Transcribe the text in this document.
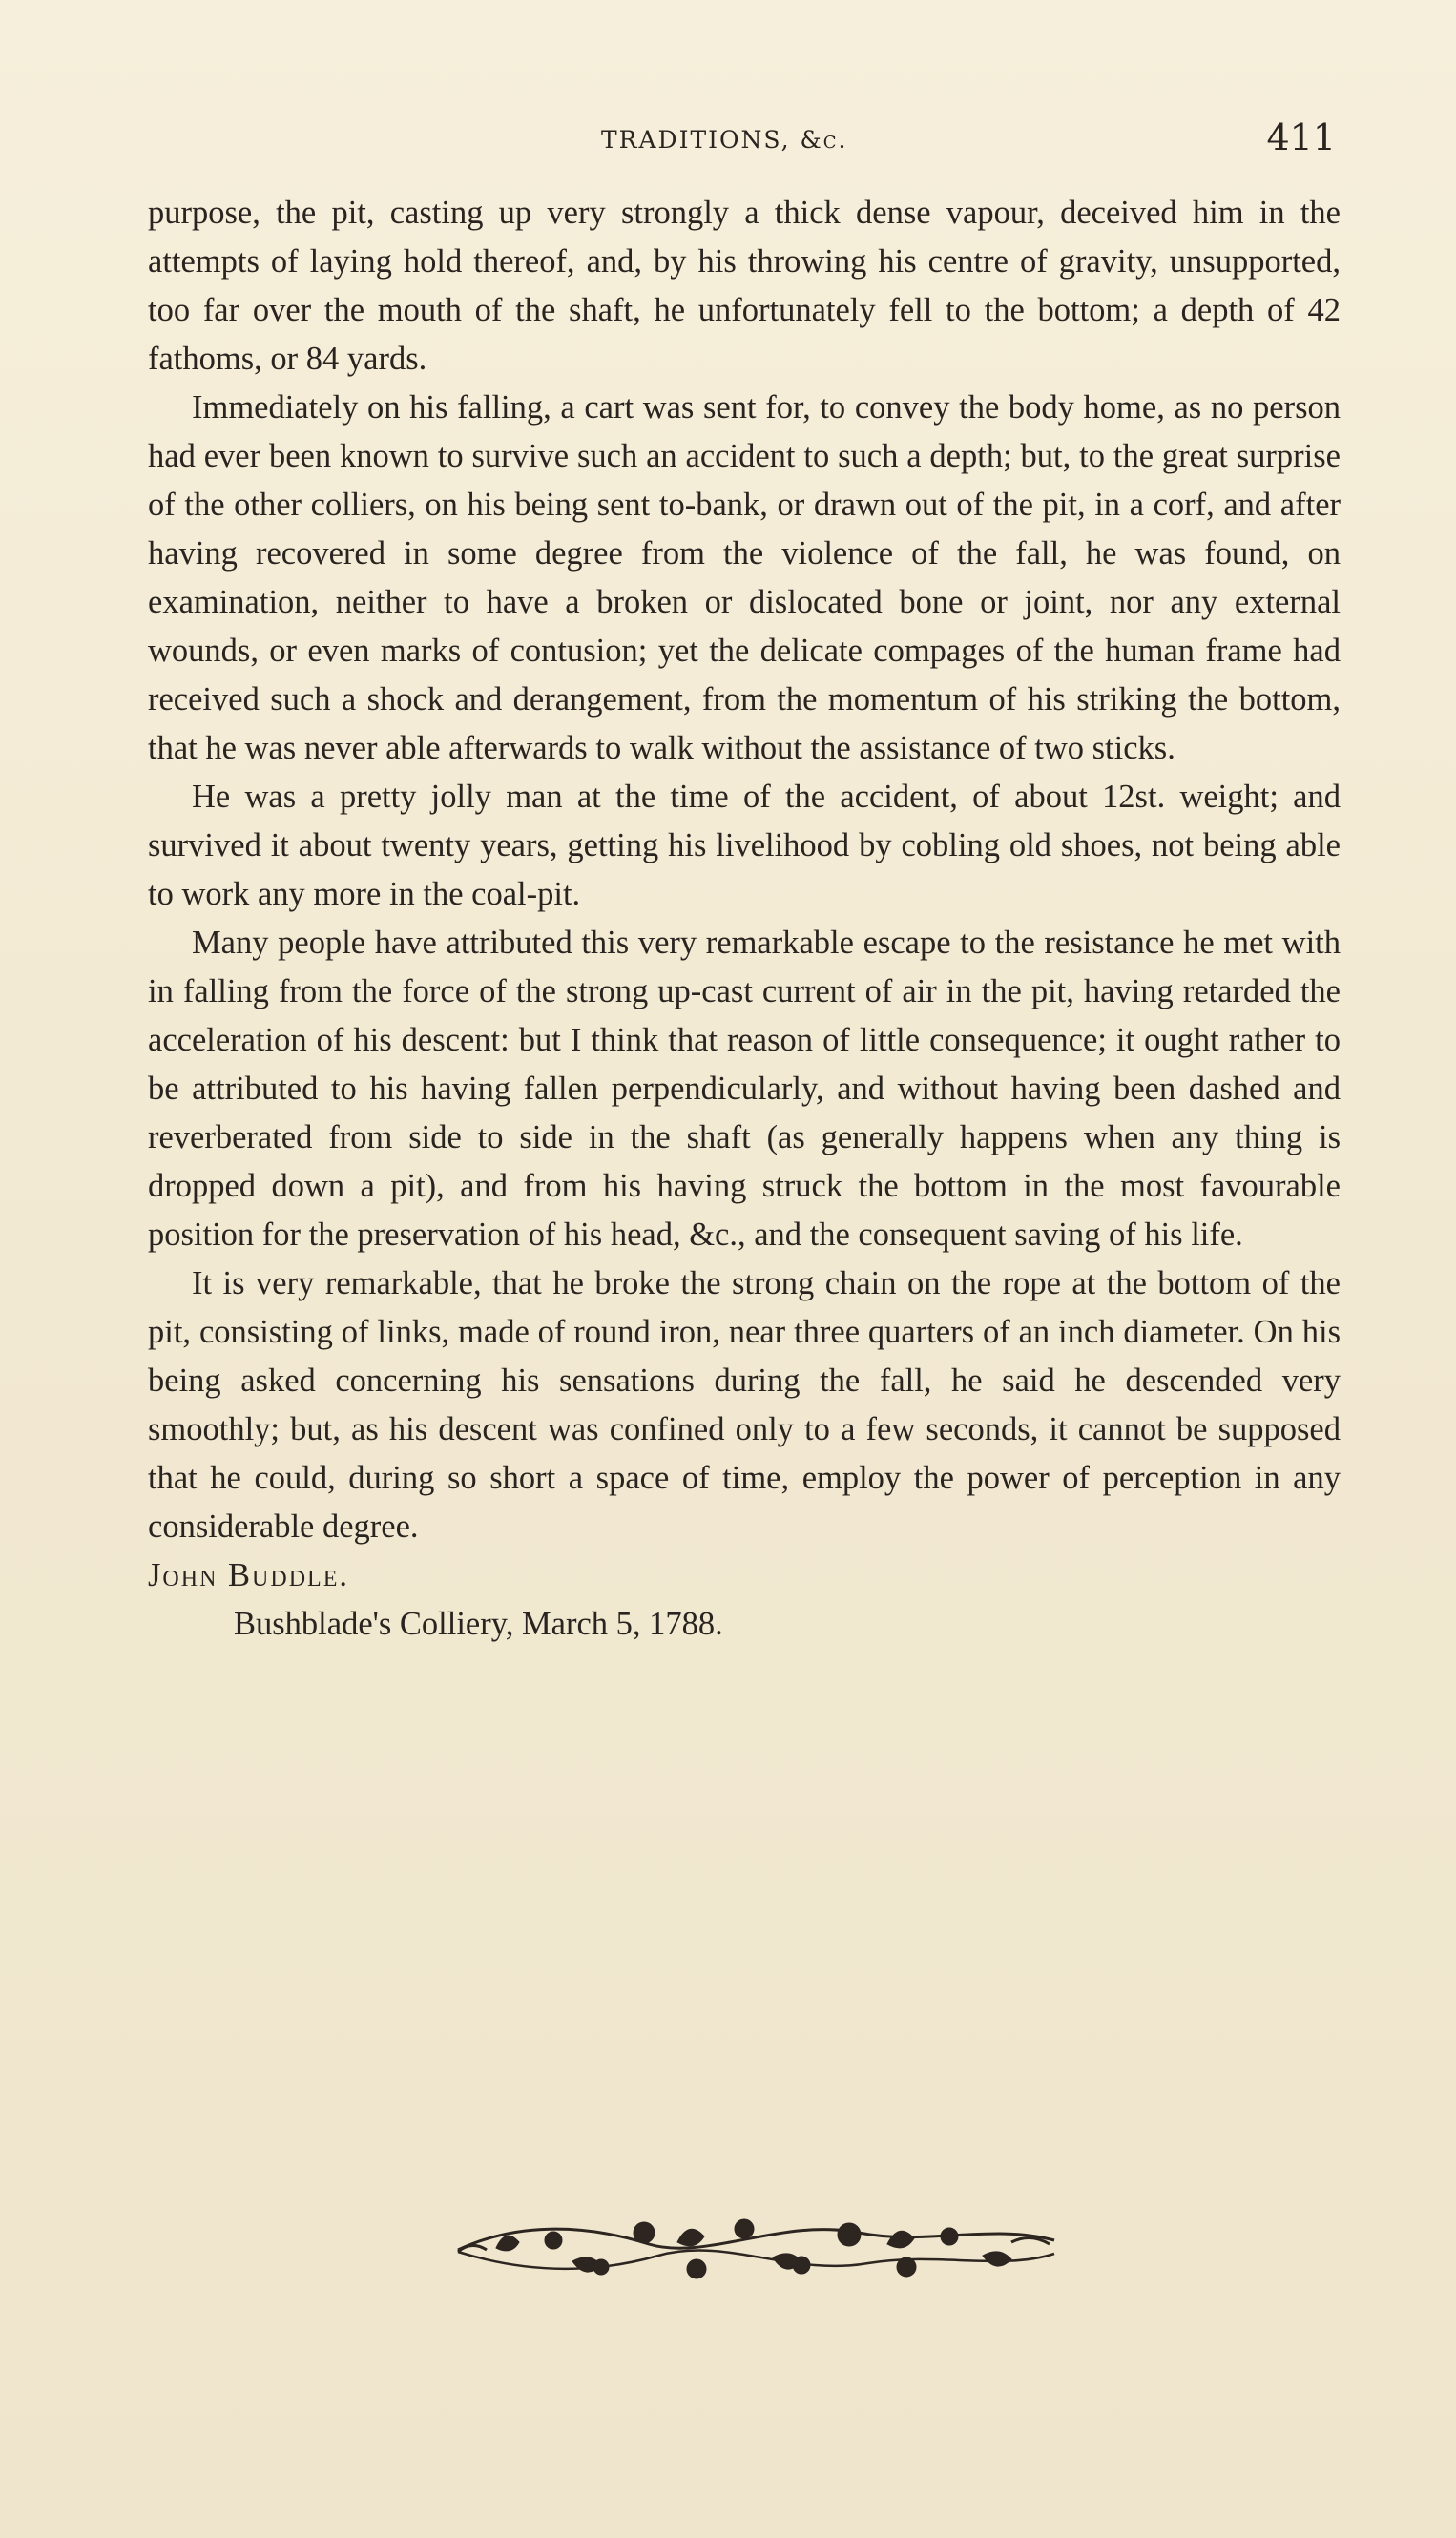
TRADITIONS, &c.	411

purpose, the pit, casting up very strongly a thick dense vapour, deceived him in the attempts of laying hold thereof, and, by his throwing his centre of gravity, unsupported, too far over the mouth of the shaft, he unfortunately fell to the bottom; a depth of 42 fathoms, or 84 yards.

Immediately on his falling, a cart was sent for, to convey the body home, as no person had ever been known to survive such an accident to such a depth; but, to the great surprise of the other colliers, on his being sent to-bank, or drawn out of the pit, in a corf, and after having recovered in some degree from the violence of the fall, he was found, on examination, neither to have a broken or dislocated bone or joint, nor any external wounds, or even marks of contusion; yet the delicate compages of the human frame had received such a shock and derangement, from the momentum of his striking the bottom, that he was never able afterwards to walk without the assistance of two sticks.

He was a pretty jolly man at the time of the accident, of about 12st. weight; and survived it about twenty years, getting his livelihood by cobling old shoes, not being able to work any more in the coal-pit.

Many people have attributed this very remarkable escape to the resistance he met with in falling from the force of the strong up-cast current of air in the pit, having retarded the acceleration of his descent: but I think that reason of little consequence; it ought rather to be attributed to his having fallen perpendicularly, and without having been dashed and reverberated from side to side in the shaft (as generally happens when any thing is dropped down a pit), and from his having struck the bottom in the most favourable position for the preservation of his head, &c., and the consequent saving of his life.

It is very remarkable, that he broke the strong chain on the rope at the bottom of the pit, consisting of links, made of round iron, near three quarters of an inch diameter. On his being asked concerning his sensations during the fall, he said he descended very smoothly; but, as his descent was confined only to a few seconds, it cannot be supposed that he could, during so short a space of time, employ the power of perception in any considerable degree.

John Buddle.

Bushblade's Colliery, March 5, 1788.
